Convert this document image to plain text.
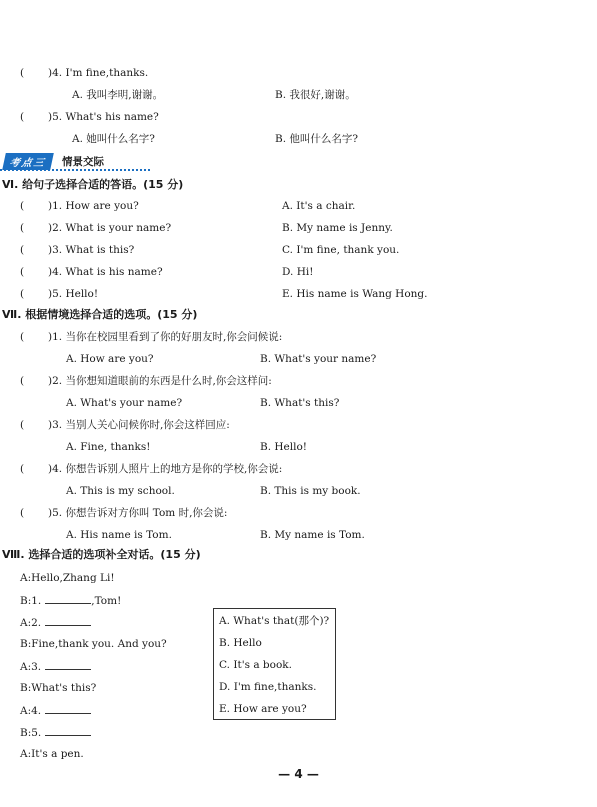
( )4. I'm fine,thanks.
A. 我叫李明,谢谢。	B. 我很好,谢谢。
( )5. What's his name?
A. 她叫什么名字?	B. 他叫什么名字?
考点三	情景交际
Ⅵ. 给句子选择合适的答语。(15 分)
( )1. How are you?	A. It's a chair.
( )2. What is your name?	B. My name is Jenny.
( )3. What is this?	C. I'm fine, thank you.
( )4. What is his name?	D. Hi!
( )5. Hello!	E. His name is Wang Hong.
Ⅶ. 根据情境选择合适的选项。(15 分)
( )1. 当你在校园里看到了你的好朋友时,你会问候说:
A. How are you?	B. What's your name?
( )2. 当你想知道眼前的东西是什么时,你会这样问:
A. What's your name?	B. What's this?
( )3. 当别人关心问候你时,你会这样回应:
A. Fine, thanks!	B. Hello!
( )4. 你想告诉别人照片上的地方是你的学校,你会说:
A. This is my school.	B. This is my book.
( )5. 你想告诉对方你叫 Tom 时,你会说:
A. His name is Tom.	B. My name is Tom.
Ⅷ. 选择合适的选项补全对话。(15 分)
A:Hello,Zhang Li!
B:1.	,Tom!
A:2.
B:Fine,thank you. And you?
A:3.
B:What's this?
A:4.
B:5.
A:It's a pen.
A. What's that(那个)?
B. Hello
C. It's a book.
D. I'm fine,thanks.
E. How are you?
— 4 —
